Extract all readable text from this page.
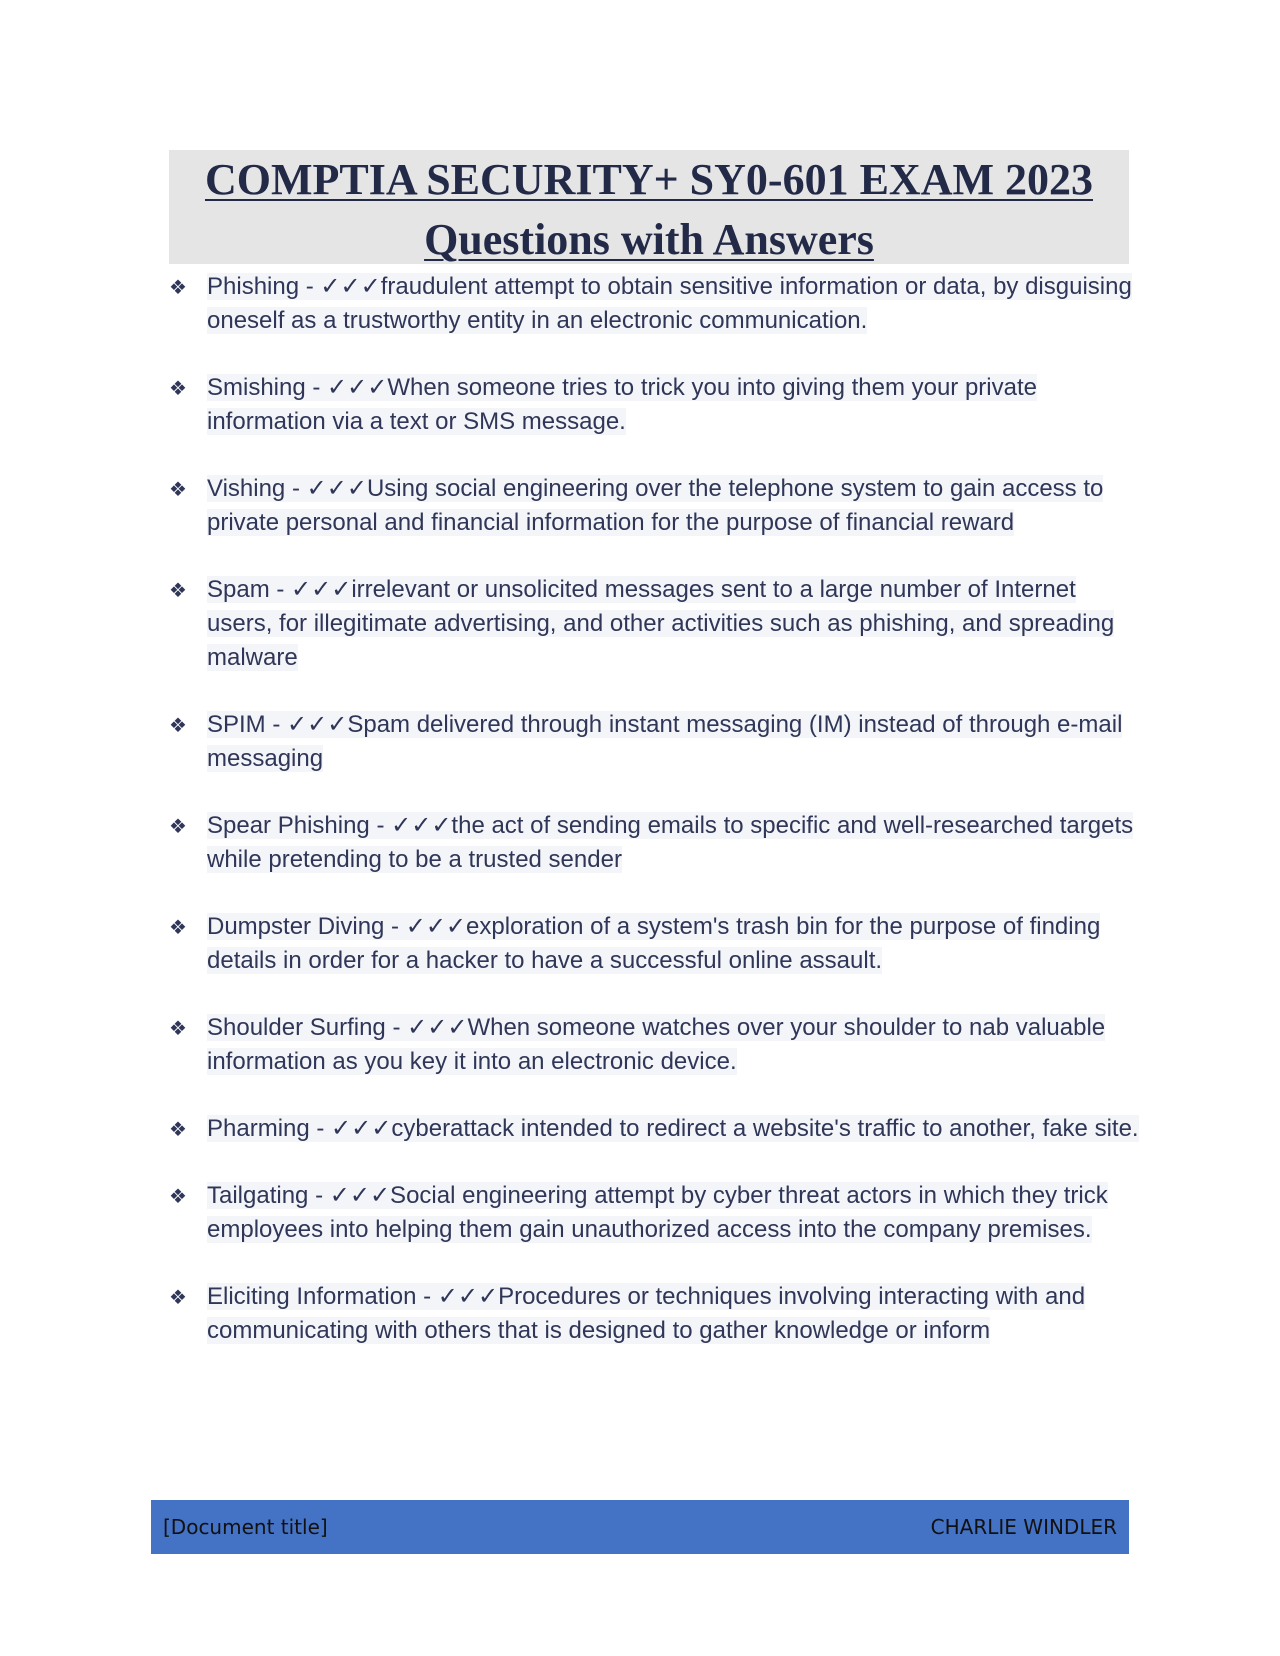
COMPTIA SECURITY+ SY0-601 EXAM 2023
Questions with Answers
❖ Phishing - ✓✓✓fraudulent attempt to obtain sensitive information or data, by disguising oneself as a trustworthy entity in an electronic communication.
❖ Smishing - ✓✓✓When someone tries to trick you into giving them your private information via a text or SMS message.
❖ Vishing - ✓✓✓Using social engineering over the telephone system to gain access to private personal and financial information for the purpose of financial reward
❖ Spam - ✓✓✓irrelevant or unsolicited messages sent to a large number of Internet users, for illegitimate advertising, and other activities such as phishing, and spreading malware
❖ SPIM - ✓✓✓Spam delivered through instant messaging (IM) instead of through e-mail messaging
❖ Spear Phishing - ✓✓✓the act of sending emails to specific and well-researched targets while pretending to be a trusted sender
❖ Dumpster Diving - ✓✓✓exploration of a system's trash bin for the purpose of finding details in order for a hacker to have a successful online assault.
❖ Shoulder Surfing - ✓✓✓When someone watches over your shoulder to nab valuable information as you key it into an electronic device.
❖ Pharming - ✓✓✓cyberattack intended to redirect a website's traffic to another, fake site.
❖ Tailgating - ✓✓✓Social engineering attempt by cyber threat actors in which they trick employees into helping them gain unauthorized access into the company premises.
❖ Eliciting Information - ✓✓✓Procedures or techniques involving interacting with and communicating with others that is designed to gather knowledge or inform
[Document title]	CHARLIE WINDLER
